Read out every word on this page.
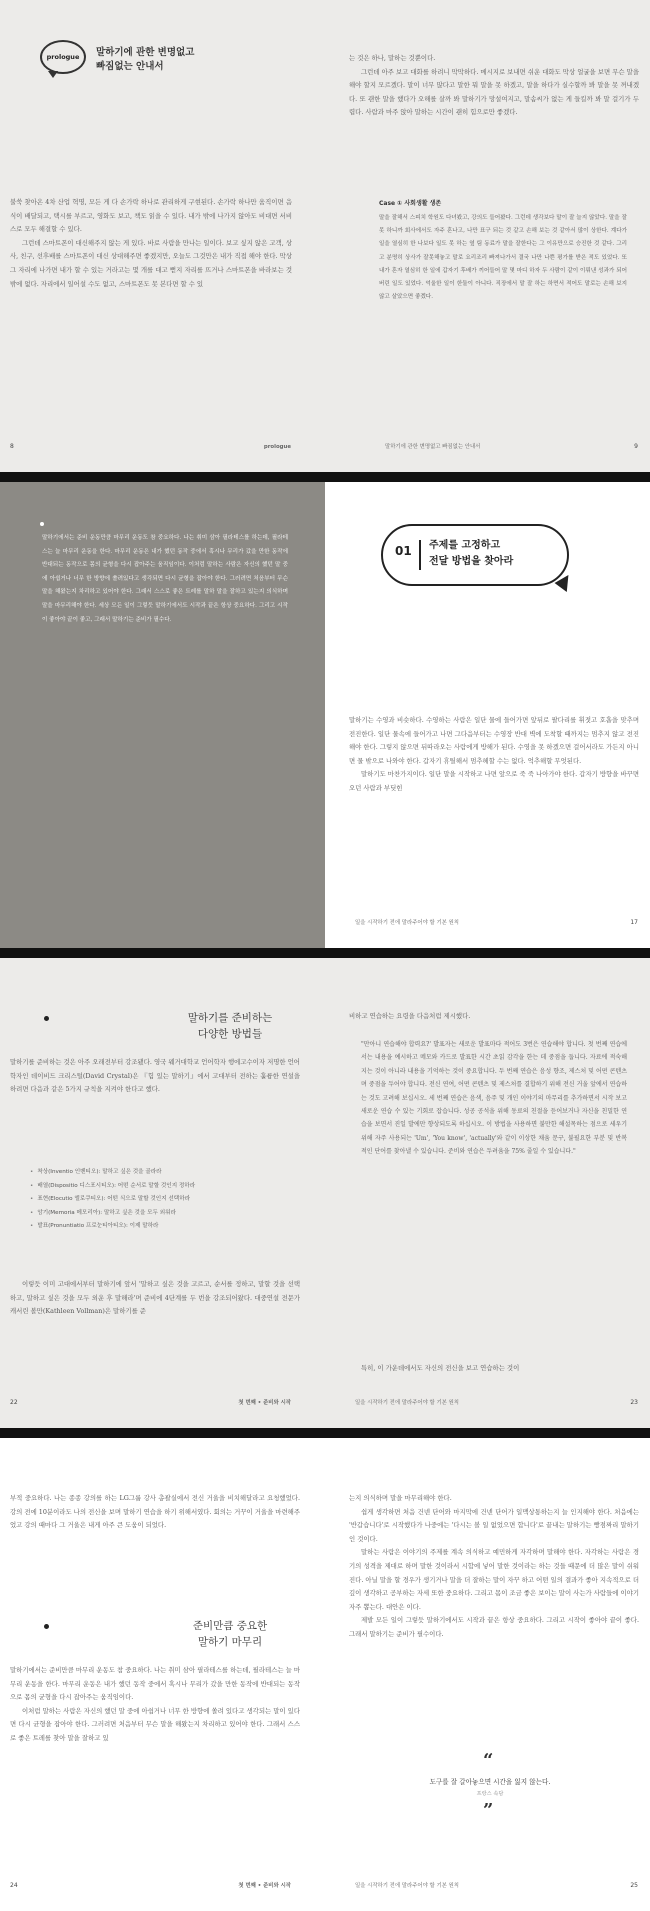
prologue 말하기에 관한 변명없고
빠짐없는 안내서

불쑥 찾아온 4차 산업 혁명, 모든 게 다 손가락 하나로 관리하게 구현된다. 손가락 하나만 움직이면 음식이 배달되고, 택시를 부르고, 영화도 보고, 책도 읽을 수 있다. 내가 밖에 나가지 않아도 비대면 서비스로 모두 해결할 수 있다.

그런데 스마트폰이 대신해주지 않는 게 있다. 바로 사람을 만나는 일이다. 보고 싶지 않은 고객, 상사, 친구, 선후배를 스마트폰이 대신 상대해주면 좋겠지만, 오늘도 그것만은 내가 직접 해야 한다. 막상 그 자리에 나가면 내가 할 수 있는 거라고는 몇 개를 대고 뻗지 자리를 뜨거나 스마트폰을 바라보는 것밖에 없다. 자리에서 일어설 수도 없고, 스마트폰도 못 본다면 할 수 있

8	prologue

는 것은 하나, 말하는 것뿐이다.

그런데 아주 보고 대화를 하려니 막막하다. 메시지로 보내면 쉬운 대화도 막상 얼굴을 보면 무슨 말을 해야 할지 모르겠다. 말이 너무 많다고 말한 뭐 말을 못 하겠고, 말을 하다가 실수할까 봐 말을 못 꺼내겠다. 또 괜한 말을 했다가 오해를 살까 봐 말하기가 망설여지고, 말솜씨가 없는 게 들킬까 봐 말 걸기가 두렵다. 사람과 마주 앉아 말하는 시간이 괜히 힘으로만 좋겠다.

Case ① 사회생활 생존
말을 잘해서 스피치 학원도 다녀봤고, 강의도 들어봤다. 그런데 생각보다 말이 잘 늘지 않았다. 말을 잘 못 하니까 회사에서도 자주 혼나고, 나만 표구 되는 것 같고 손해 보는 것 같아서 많이 상한다. 계다가 일을 열심히 한 나보다 일도 못 하는 옆 팀 동료가 말을 잘한다는 그 이유만으로 승진한 것 같다. 그리고 분명히 상사가 잘못해놓고 말로 요리조리 빠져나가서 결국 나만 나쁜 평가를 받은 적도 있었다. 또 내가 혼자 열심히 한 일에 갑자기 후배가 끼어들어 말 몇 마디 하자 두 사람이 같이 이뤄낸 성과가 되어버린 일도 있었다. 억울한 일이 한둘이 아니다. 직장에서 말 잘 하는 하면서 적어도 말로는 손해 보지 않고 살았으면 좋겠다.
말하기에 관한 변명없고 빠짐없는 안내서	9
말하기에서는 준비 운동만큼 마무리 운동도 참 중요하다. 나는 취미 삼아 필라테스를 하는데, 필라테스는 늘 마무리 운동을 한다. 마무리 운동은 내가 했던 동작 중에서 혹시나 무리가 갔을 만한 동작에 반대되는 동작으로 몸의 균형을 다시 잡아주는 움직임이다. 이처럼 말하는 사람은 자신의 했던 말 중에 아쉽거나 너무 한 방향에 쏠려있다고 생각되면 다시 균형을 잡아야 한다. 그러려면 처음부터 무슨 말을 해왔는지 차리하고 있어야 한다. 그래서 스스로 좋은 트레를 말하 말을 잘하고 있는지 의식하며 말을 마무리해야 한다. 세상 모든 일이 그렇듯 말하기에서도 시작과 끝은 항상 중요하다. 그리고 시작이 좋아야 끝이 좋고, 그래서 말하기는 준비가 필수다.
01 주제를 고정하고
전달 방법을 찾아라

말하기는 수영과 비슷하다. 수영하는 사람은 일단 물에 들어가면 앞뒤로 팔다리를 휘젓고 호흡을 맞추며 전진한다. 일단 물속에 들어가고 나면 그다음부터는 수영장 반대 벽에 도착할 때까지는 멈추지 않고 전진해야 한다. 그렇지 않으면 뒤따라오는 사람에게 방해가 된다. 수영을 못 하겠으면 걸어서라도 가든지 아니면 물 밖으로 나와야 한다. 갑자기 휴틸해서 멈추헤할 수는 없다. 억추해할 무엇된다.

말하기도 마찬가지이다. 일단 말을 시작하고 나면 앞으로 죽 죽 나아가야 한다. 갑자기 방향을 바꾸면 오던 사람과 부딪힌

일을 시작하기 전에 말라주어야 할 기본 원칙	17
말하기를 준비하는
다양한 방법들

말하기를 준비하는 것은 아주 오래전부터 강조됐다. 영국 웨거대학교 언어학자 행에고수이자 저명한 언어학자인 데이비드 크리스털(David Crystal)은 『힘 있는 말하기』에서 고대부터 전하는 훌륭한 연설을 하려면 다음과 같은 5가지 규칙을 지켜야 한다고 했다.

• 착상(Inventio 인벤티오): 말하고 싶은 것을 골라라
• 배열(Dispositio 디스포시티오): 어떤 순서로 말할 것인지 정하라
• 표현(Elocutio 엘로쿠티오): 어떤 식으로 말할 것인지 선택하라
• 암기(Memoria 메모리아): 말하고 싶은 것을 모두 외워라
• 발표(Pronuntiatio 프로눈티아티오): 이제 말하라

이렇듯 이미 고대에서부터 말하기에 앞서 '말하고 싶은 것을 고르고, 순서를 정하고, 말할 것을 선택하고, 말하고 싶은 것을 모두 외운 후 말해라'며 준비에 4단계를 두 번을 강조되어왔다. 대중연설 전문가 캐서린 볼만(Kathleen Vollman)은 말하기를 준

22	첫 번째 • 준비와 시작

비하고 연습하는 요령을 다음처럼 제시했다.

"만아니 연습해야 합력요?' 발표자는 새로운 발표마다 적어도 3번은 연습해야 합니다. 첫 번째 연습에서는 내용을 예시하고 메모와 카드로 발표한 시간 초읽 감각을 한는 데 중점을 둡니다. 자료에 적숙해지는 것이 아니라 내용을 기억하는 것이 중요합니다. 두 번째 연습은 음성 향조, 제스처 및 어떤 콘텐츠며 중점을 두어야 합니다. 전신 연여, 어떤 콘텐츠 및 제스처를 결합하기 위해 전신 거울 앞에서 연습하는 것도 고려해 보십시오. 세 번째 연습은 음색, 음주 및 개인 이야기의 마무리를 추가하면서 시작 보고 새로운 연습 수 있는 기회로 잡습니다. 성공 공석을 위해 동료의 친절을 듣어보거나 자신을 친밀한 연습을 보면서 진일 발에만 향상되도록 하십시오. 이 방법을 사용하면 불만한 해설목하는 점으로 세우기 위해 자주 사용되는 'Um', 'You know', 'actually'와 같이 이상한 채움 문구, 불필요한 부분 및 반복적인 단어를 찾아낼 수 있습니다. 준비와 연습은 두려움을 75% 줄일 수 있습니다."

특히, 이 가운데에서도 자신의 전신을 보고 연습하는 것이

일을 시작하기 전에 말라주어야 할 기본 원칙	23

부적 중요하다. 나는 종종 강의를 하는 LG그룹 강사 총괄실에서 전신 거울을 비치해달라고 요청했었다. 강의 전에 10분이라도 나의 전신을 보며 말하기 연습을 하기 위해서였다. 회의는 거꾸이 거울을 마련해주었고 강의 때마다 그 거울은 내게 아주 큰 도움이 되었다.

준비만큼 중요한
말하기 마무리

말하기에서는 준비만큼 마무리 운동도 참 중요하다. 나는 취미 삼아 필라테스를 하는데, 필라테스는 늘 마무리 운동을 한다. 마무리 운동은 내가 했던 동작 중에서 혹시나 무리가 갔을 만한 동작에 반대되는 동작으로 몸의 균형을 다시 잡아주는 움직임이다.

이처럼 말하는 사람은 자신의 했던 말 중에 아쉽거나 너무 한 방향에 쏠려 있다고 생각되는 말이 있다면 다시 균형을 잡아야 한다. 그러려면 처음부터 무슨 말을 해왔는지 차리하고 있어야 한다. 그래서 스스로 좋은 트레를 찾아 말을 잘하고 있

24	첫 번째 • 준비와 시작

는지 의식하며 말을 마무리해야 한다.

쉽게 생각하면 처음 건넨 단어와 마지막에 건넨 단어가 일맥상통하는지 늘 인지해야 한다. 처음에는 '반갑습니다'로 시작했다가 나중에는 '다시는 볼 일 없었으면 합니다'로 끝내는 말하기는 빵점짜리 말하기인 것이다.

말하는 사람은 이야기의 주제를 계속 의식하고 예민하게 자각하며 말해야 한다. 자각하는 사람은 경기의 성격을 제대로 하며 말한 것이라서 시합에 넣어 말한 것이라는 하는 것들 때문에 더 많은 말이 쉬워진다. 아닐 말을 할 경우가 생기거나 말을 더 잘하는 말이 자꾸 하고 어떤 일의 결과가 좋아 지속적으로 더 깊이 생각하고 공부하는 자세 또한 중요하다. 그리고 몸이 조금 좋은 보이는 말이 사는가 사람들에 이야기 자주 뽑는다. 대안은 이다.

제발 모든 일이 그렇듯 말하기에서도 시작과 끝은 항상 중요하다. 그리고 시작이 좋아야 끝이 좋다. 그래서 말하기는 준비가 필수이다.

“
도구를 잘 갈아놓으면 시간을 잃지 않는다.
프랑스 속담
”
일을 시작하기 전에 말라주어야 할 기본 원칙	25
